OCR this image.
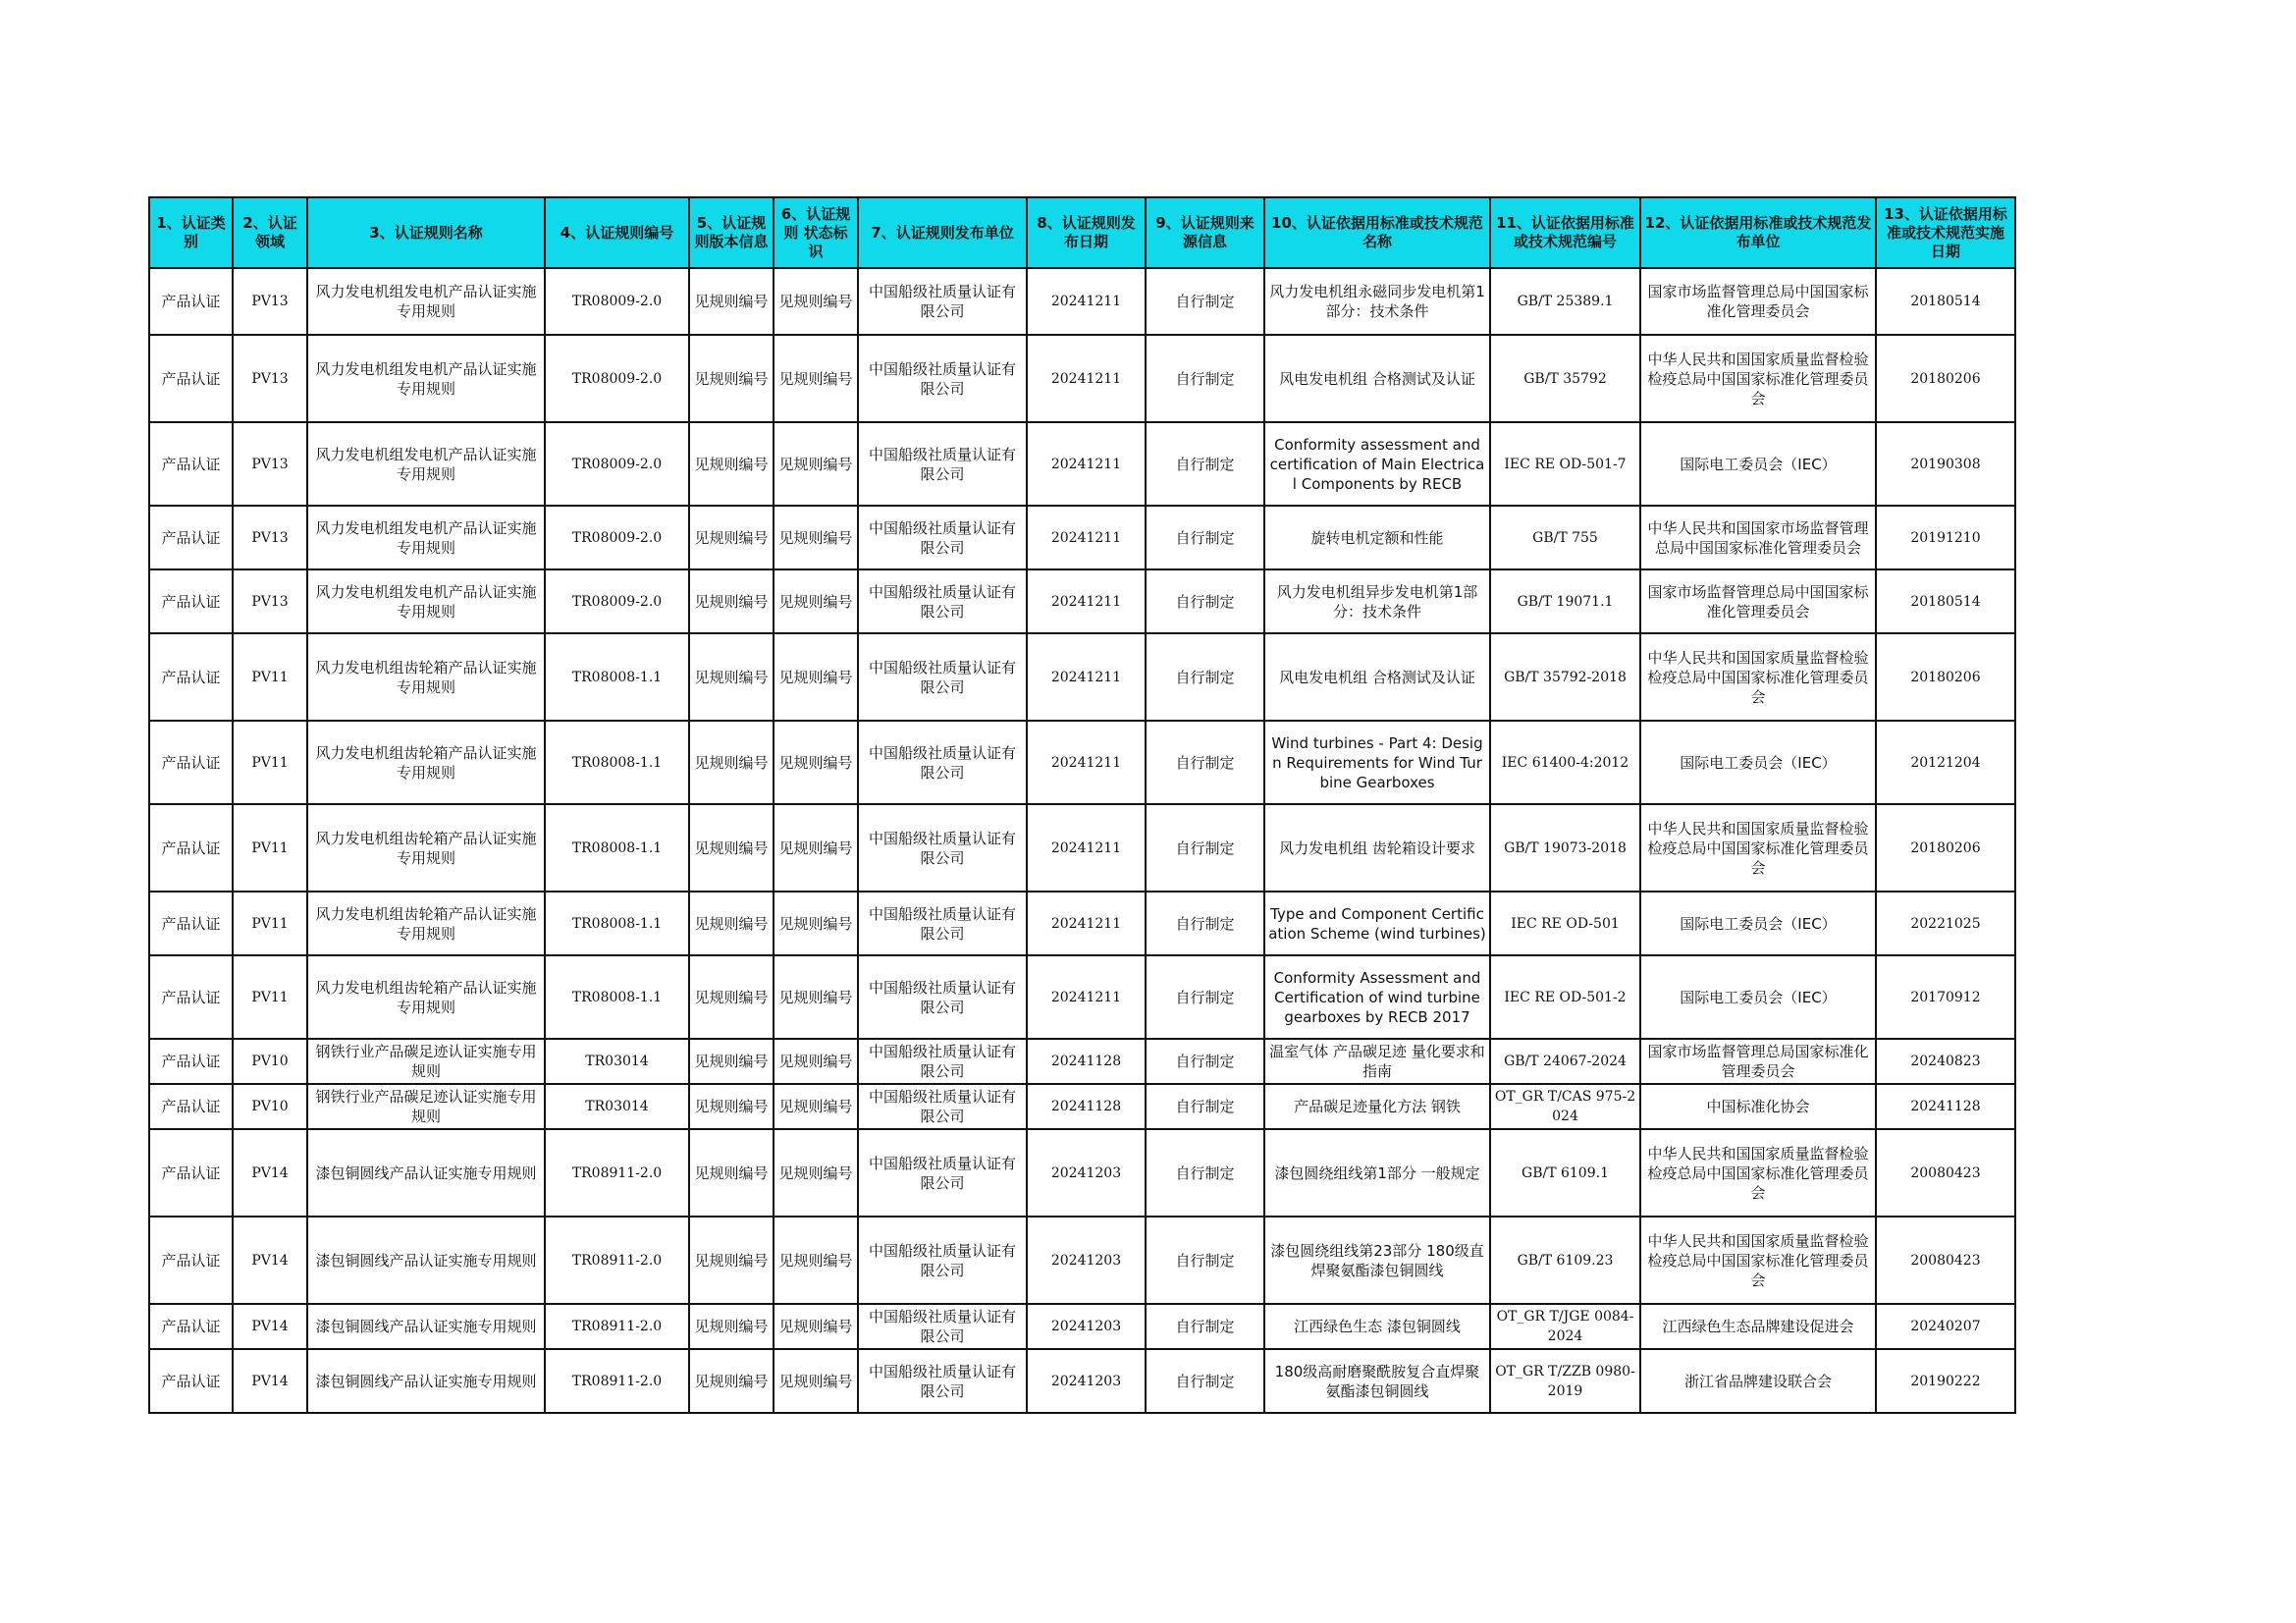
1、认证类别	2、认证领域	3、认证规则名称	4、认证规则编号	5、认证规则版本信息	6、认证规则 状态标识	7、认证规则发布单位	8、认证规则发布日期	9、认证规则来源信息	10、认证依据用标准或技术规范名称	11、认证依据用标准或技术规范编号	12、认证依据用标准或技术规范发布单位	13、认证依据用标准或技术规范实施日期
产品认证	PV13	风力发电机组发电机产品认证实施专用规则	TR08009-2.0	见规则编号	见规则编号	中国船级社质量认证有限公司	20241211	自行制定	风力发电机组永磁同步发电机第1部分：技术条件	GB/T 25389.1	国家市场监督管理总局中国国家标准化管理委员会	20180514
产品认证	PV13	风力发电机组发电机产品认证实施专用规则	TR08009-2.0	见规则编号	见规则编号	中国船级社质量认证有限公司	20241211	自行制定	风电发电机组 合格测试及认证	GB/T 35792	中华人民共和国国家质量监督检验检疫总局中国国家标准化管理委员会	20180206
产品认证	PV13	风力发电机组发电机产品认证实施专用规则	TR08009-2.0	见规则编号	见规则编号	中国船级社质量认证有限公司	20241211	自行制定	Conformity assessment and certification of Main Electrical Components by RECB	IEC RE OD-501-7	国际电工委员会（IEC）	20190308
产品认证	PV13	风力发电机组发电机产品认证实施专用规则	TR08009-2.0	见规则编号	见规则编号	中国船级社质量认证有限公司	20241211	自行制定	旋转电机定额和性能	GB/T 755	中华人民共和国国家市场监督管理总局中国国家标准化管理委员会	20191210
产品认证	PV13	风力发电机组发电机产品认证实施专用规则	TR08009-2.0	见规则编号	见规则编号	中国船级社质量认证有限公司	20241211	自行制定	风力发电机组异步发电机第1部分：技术条件	GB/T 19071.1	国家市场监督管理总局中国国家标准化管理委员会	20180514
产品认证	PV11	风力发电机组齿轮箱产品认证实施专用规则	TR08008-1.1	见规则编号	见规则编号	中国船级社质量认证有限公司	20241211	自行制定	风电发电机组 合格测试及认证	GB/T 35792-2018	中华人民共和国国家质量监督检验检疫总局中国国家标准化管理委员会	20180206
产品认证	PV11	风力发电机组齿轮箱产品认证实施专用规则	TR08008-1.1	见规则编号	见规则编号	中国船级社质量认证有限公司	20241211	自行制定	Wind turbines - Part 4: Design Requirements for Wind Turbine Gearboxes	IEC 61400-4:2012	国际电工委员会（IEC）	20121204
产品认证	PV11	风力发电机组齿轮箱产品认证实施专用规则	TR08008-1.1	见规则编号	见规则编号	中国船级社质量认证有限公司	20241211	自行制定	风力发电机组 齿轮箱设计要求	GB/T 19073-2018	中华人民共和国国家质量监督检验检疫总局中国国家标准化管理委员会	20180206
产品认证	PV11	风力发电机组齿轮箱产品认证实施专用规则	TR08008-1.1	见规则编号	见规则编号	中国船级社质量认证有限公司	20241211	自行制定	Type and Component Certification Scheme (wind turbines)	IEC RE OD-501	国际电工委员会（IEC）	20221025
产品认证	PV11	风力发电机组齿轮箱产品认证实施专用规则	TR08008-1.1	见规则编号	见规则编号	中国船级社质量认证有限公司	20241211	自行制定	Conformity Assessment and Certification of wind turbine gearboxes by RECB 2017	IEC RE OD-501-2	国际电工委员会（IEC）	20170912
产品认证	PV10	钢铁行业产品碳足迹认证实施专用规则	TR03014	见规则编号	见规则编号	中国船级社质量认证有限公司	20241128	自行制定	温室气体 产品碳足迹 量化要求和指南	GB/T 24067-2024	国家市场监督管理总局国家标准化管理委员会	20240823
产品认证	PV10	钢铁行业产品碳足迹认证实施专用规则	TR03014	见规则编号	见规则编号	中国船级社质量认证有限公司	20241128	自行制定	产品碳足迹量化方法 钢铁	OT_GR T/CAS 975-2024	中国标准化协会	20241128
产品认证	PV14	漆包铜圆线产品认证实施专用规则	TR08911-2.0	见规则编号	见规则编号	中国船级社质量认证有限公司	20241203	自行制定	漆包圆绕组线第1部分 一般规定	GB/T 6109.1	中华人民共和国国家质量监督检验检疫总局中国国家标准化管理委员会	20080423
产品认证	PV14	漆包铜圆线产品认证实施专用规则	TR08911-2.0	见规则编号	见规则编号	中国船级社质量认证有限公司	20241203	自行制定	漆包圆绕组线第23部分 180级直焊聚氨酯漆包铜圆线	GB/T 6109.23	中华人民共和国国家质量监督检验检疫总局中国国家标准化管理委员会	20080423
产品认证	PV14	漆包铜圆线产品认证实施专用规则	TR08911-2.0	见规则编号	见规则编号	中国船级社质量认证有限公司	20241203	自行制定	江西绿色生态 漆包铜圆线	OT_GR T/JGE 0084-2024	江西绿色生态品牌建设促进会	20240207
产品认证	PV14	漆包铜圆线产品认证实施专用规则	TR08911-2.0	见规则编号	见规则编号	中国船级社质量认证有限公司	20241203	自行制定	180级高耐磨聚酰胺复合直焊聚氨酯漆包铜圆线	OT_GR T/ZZB 0980-2019	浙江省品牌建设联合会	20190222
